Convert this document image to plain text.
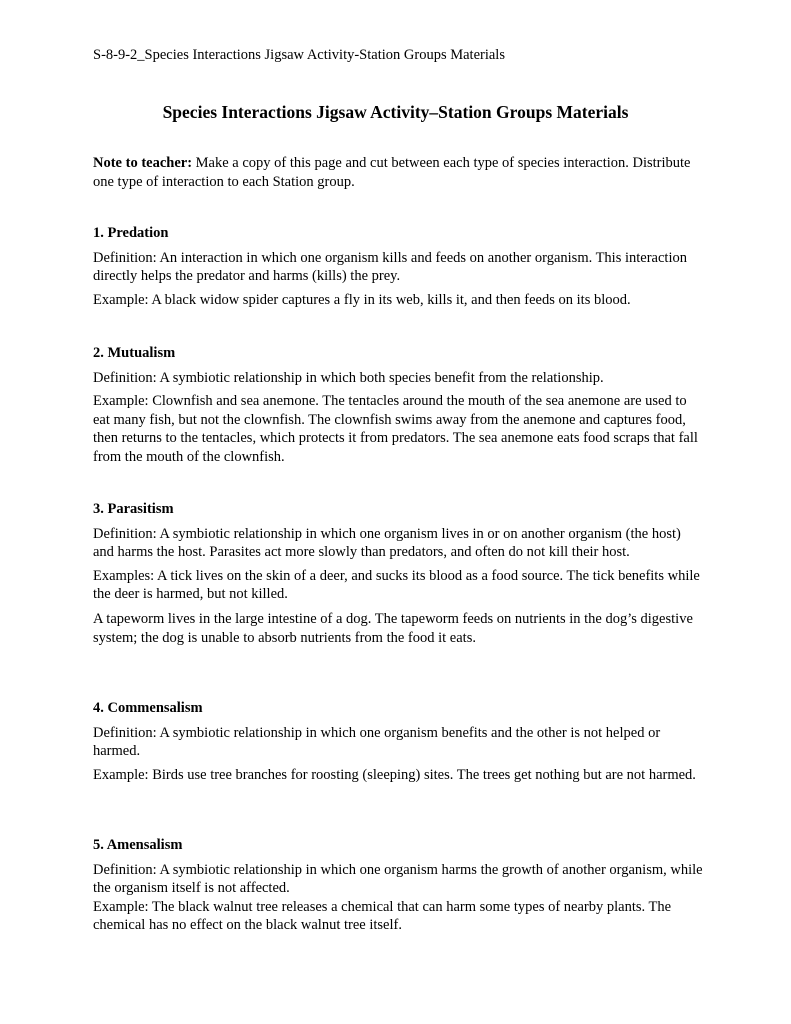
S-8-9-2_Species Interactions Jigsaw Activity-Station Groups Materials
Species Interactions Jigsaw Activity–Station Groups Materials

Note to teacher: Make a copy of this page and cut between each type of species interaction. Distribute one type of interaction to each Station group.

1. Predation

Definition: An interaction in which one organism kills and feeds on another organism. This interaction directly helps the predator and harms (kills) the prey.

Example: A black widow spider captures a fly in its web, kills it, and then feeds on its blood.

2. Mutualism

Definition: A symbiotic relationship in which both species benefit from the relationship.

Example: Clownfish and sea anemone. The tentacles around the mouth of the sea anemone are used to eat many fish, but not the clownfish. The clownfish swims away from the anemone and captures food, then returns to the tentacles, which protects it from predators. The sea anemone eats food scraps that fall from the mouth of the clownfish.

3. Parasitism

Definition: A symbiotic relationship in which one organism lives in or on another organism (the host) and harms the host. Parasites act more slowly than predators, and often do not kill their host.

Examples: A tick lives on the skin of a deer, and sucks its blood as a food source. The tick benefits while the deer is harmed, but not killed.

A tapeworm lives in the large intestine of a dog. The tapeworm feeds on nutrients in the dog’s digestive system; the dog is unable to absorb nutrients from the food it eats.

4. Commensalism

Definition: A symbiotic relationship in which one organism benefits and the other is not helped or harmed.

Example: Birds use tree branches for roosting (sleeping) sites. The trees get nothing but are not harmed.

5. Amensalism

Definition: A symbiotic relationship in which one organism harms the growth of another organism, while the organism itself is not affected.

Example: The black walnut tree releases a chemical that can harm some types of nearby plants. The chemical has no effect on the black walnut tree itself.
